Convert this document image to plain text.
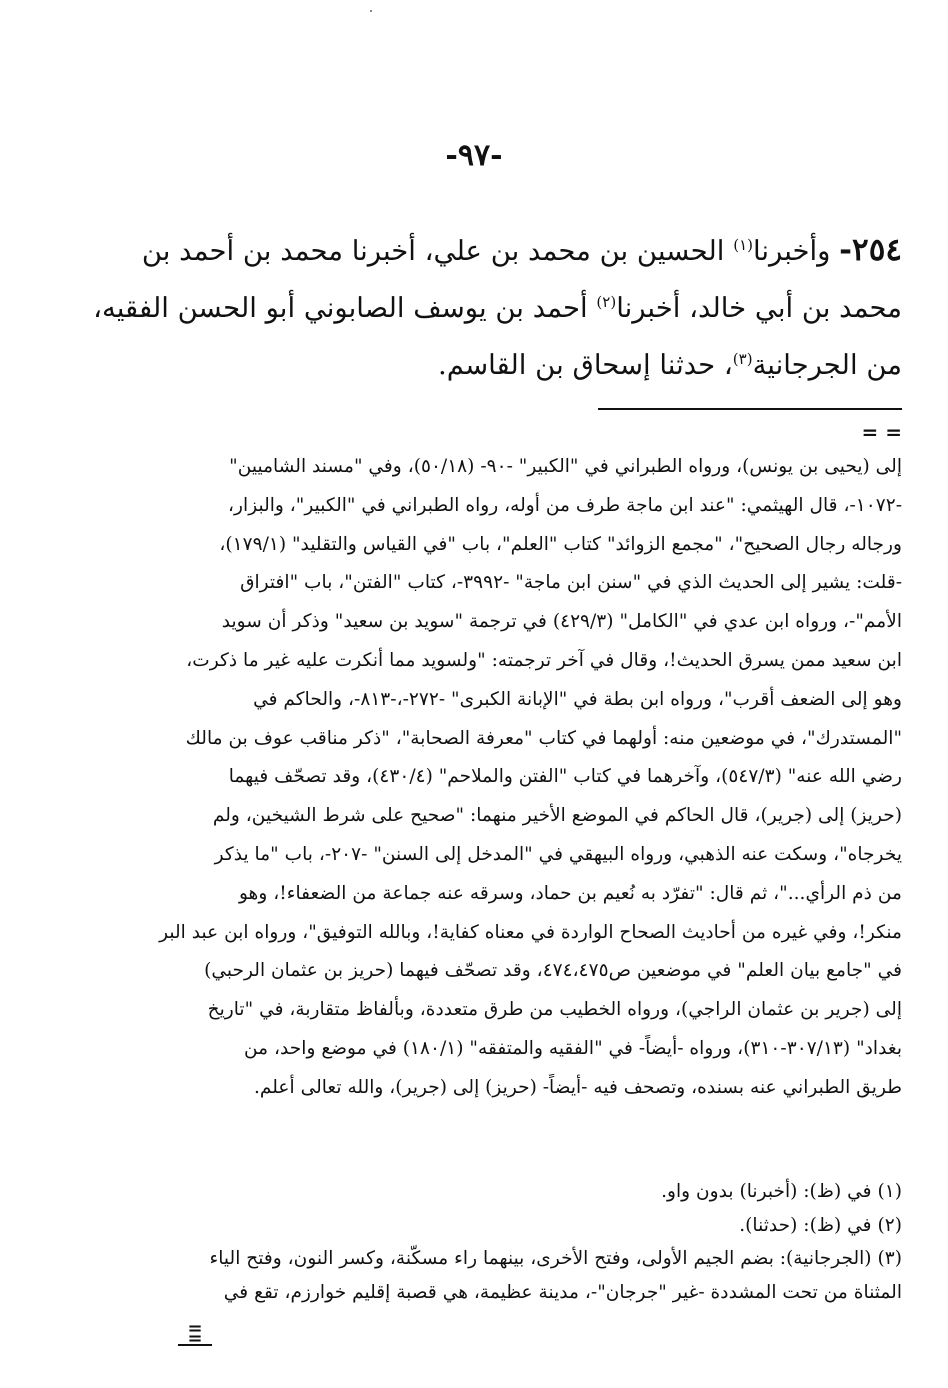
-٩٧-
٢٥٤- وأخبرنا$^{(١)}$ الحسين بن محمد بن علي، أخبرنا محمد بن أحمد بن
محمد بن أبي خالد، أخبرنا$^{(٢)}$ أحمد بن يوسف الصابوني أبو الحسن الفقيه،
من الجرجانية$^{(٣)}$، حدثنا إسحاق بن القاسم.
= =
إلى (يحيى بن يونس)، ورواه الطبراني في "الكبير" -٩٠- (٥٠/١٨)، وفي "مسند الشاميين"
-١٠٧٢-، قال الهيثمي: "عند ابن ماجة طرف من أوله، رواه الطبراني في "الكبير"، والبزار،
ورجاله رجال الصحيح"، "مجمع الزوائد" كتاب "العلم"، باب "في القياس والتقليد" (١٧٩/١)،
-قلت: يشير إلى الحديث الذي في "سنن ابن ماجة" -٣٩٩٢-، كتاب "الفتن"، باب "افتراق
الأمم"-، ورواه ابن عدي في "الكامل" (٤٢٩/٣) في ترجمة "سويد بن سعيد" وذكر أن سويد
ابن سعيد ممن يسرق الحديث!، وقال في آخر ترجمته: "ولسويد مما أنكرت عليه غير ما ذكرت،
وهو إلى الضعف أقرب"، ورواه ابن بطة في "الإبانة الكبرى" -٢٧٢-،-٨١٣-، والحاكم في
"المستدرك"، في موضعين منه: أولهما في كتاب "معرفة الصحابة"، "ذكر مناقب عوف بن مالك
رضي الله عنه" (٥٤٧/٣)، وآخرهما في كتاب "الفتن والملاحم" (٤٣٠/٤)، وقد تصحّف فيهما
(حريز) إلى (جرير)، قال الحاكم في الموضع الأخير منهما: "صحيح على شرط الشيخين، ولم
يخرجاه"، وسكت عنه الذهبي، ورواه البيهقي في "المدخل إلى السنن" -٢٠٧-، باب "ما يذكر
من ذم الرأي..."، ثم قال: "تفرّد به نُعيم بن حماد، وسرقه عنه جماعة من الضعفاء!، وهو
منكر!، وفي غيره من أحاديث الصحاح الواردة في معناه كفاية!، وبالله التوفيق"، ورواه ابن عبد البر
في "جامع بيان العلم" في موضعين ص٤٧٤،٤٧٥، وقد تصحّف فيهما (حريز بن عثمان الرحبي)
إلى (جرير بن عثمان الراجي)، ورواه الخطيب من طرق متعددة، وبألفاظ متقاربة، في "تاريخ
بغداد" (٣٠٧/١٣-٣١٠)، ورواه -أيضاً- في "الفقيه والمتفقه" (١٨٠/١) في موضع واحد، من
طريق الطبراني عنه بسنده، وتصحف فيه -أيضاً- (حريز) إلى (جرير)، والله تعالى أعلم.
(١) في (ظ): (أخبرنا) بدون واو.
(٢) في (ظ): (حدثنا).
(٣) (الجرجانية): بضم الجيم الأولى، وفتح الأخرى، بينهما راء مسكّنة، وكسر النون، وفتح الياء
المثناة من تحت المشددة -غير "جرجان"-، مدينة عظيمة، هي قصبة إقليم خوارزم، تقع في
= =
